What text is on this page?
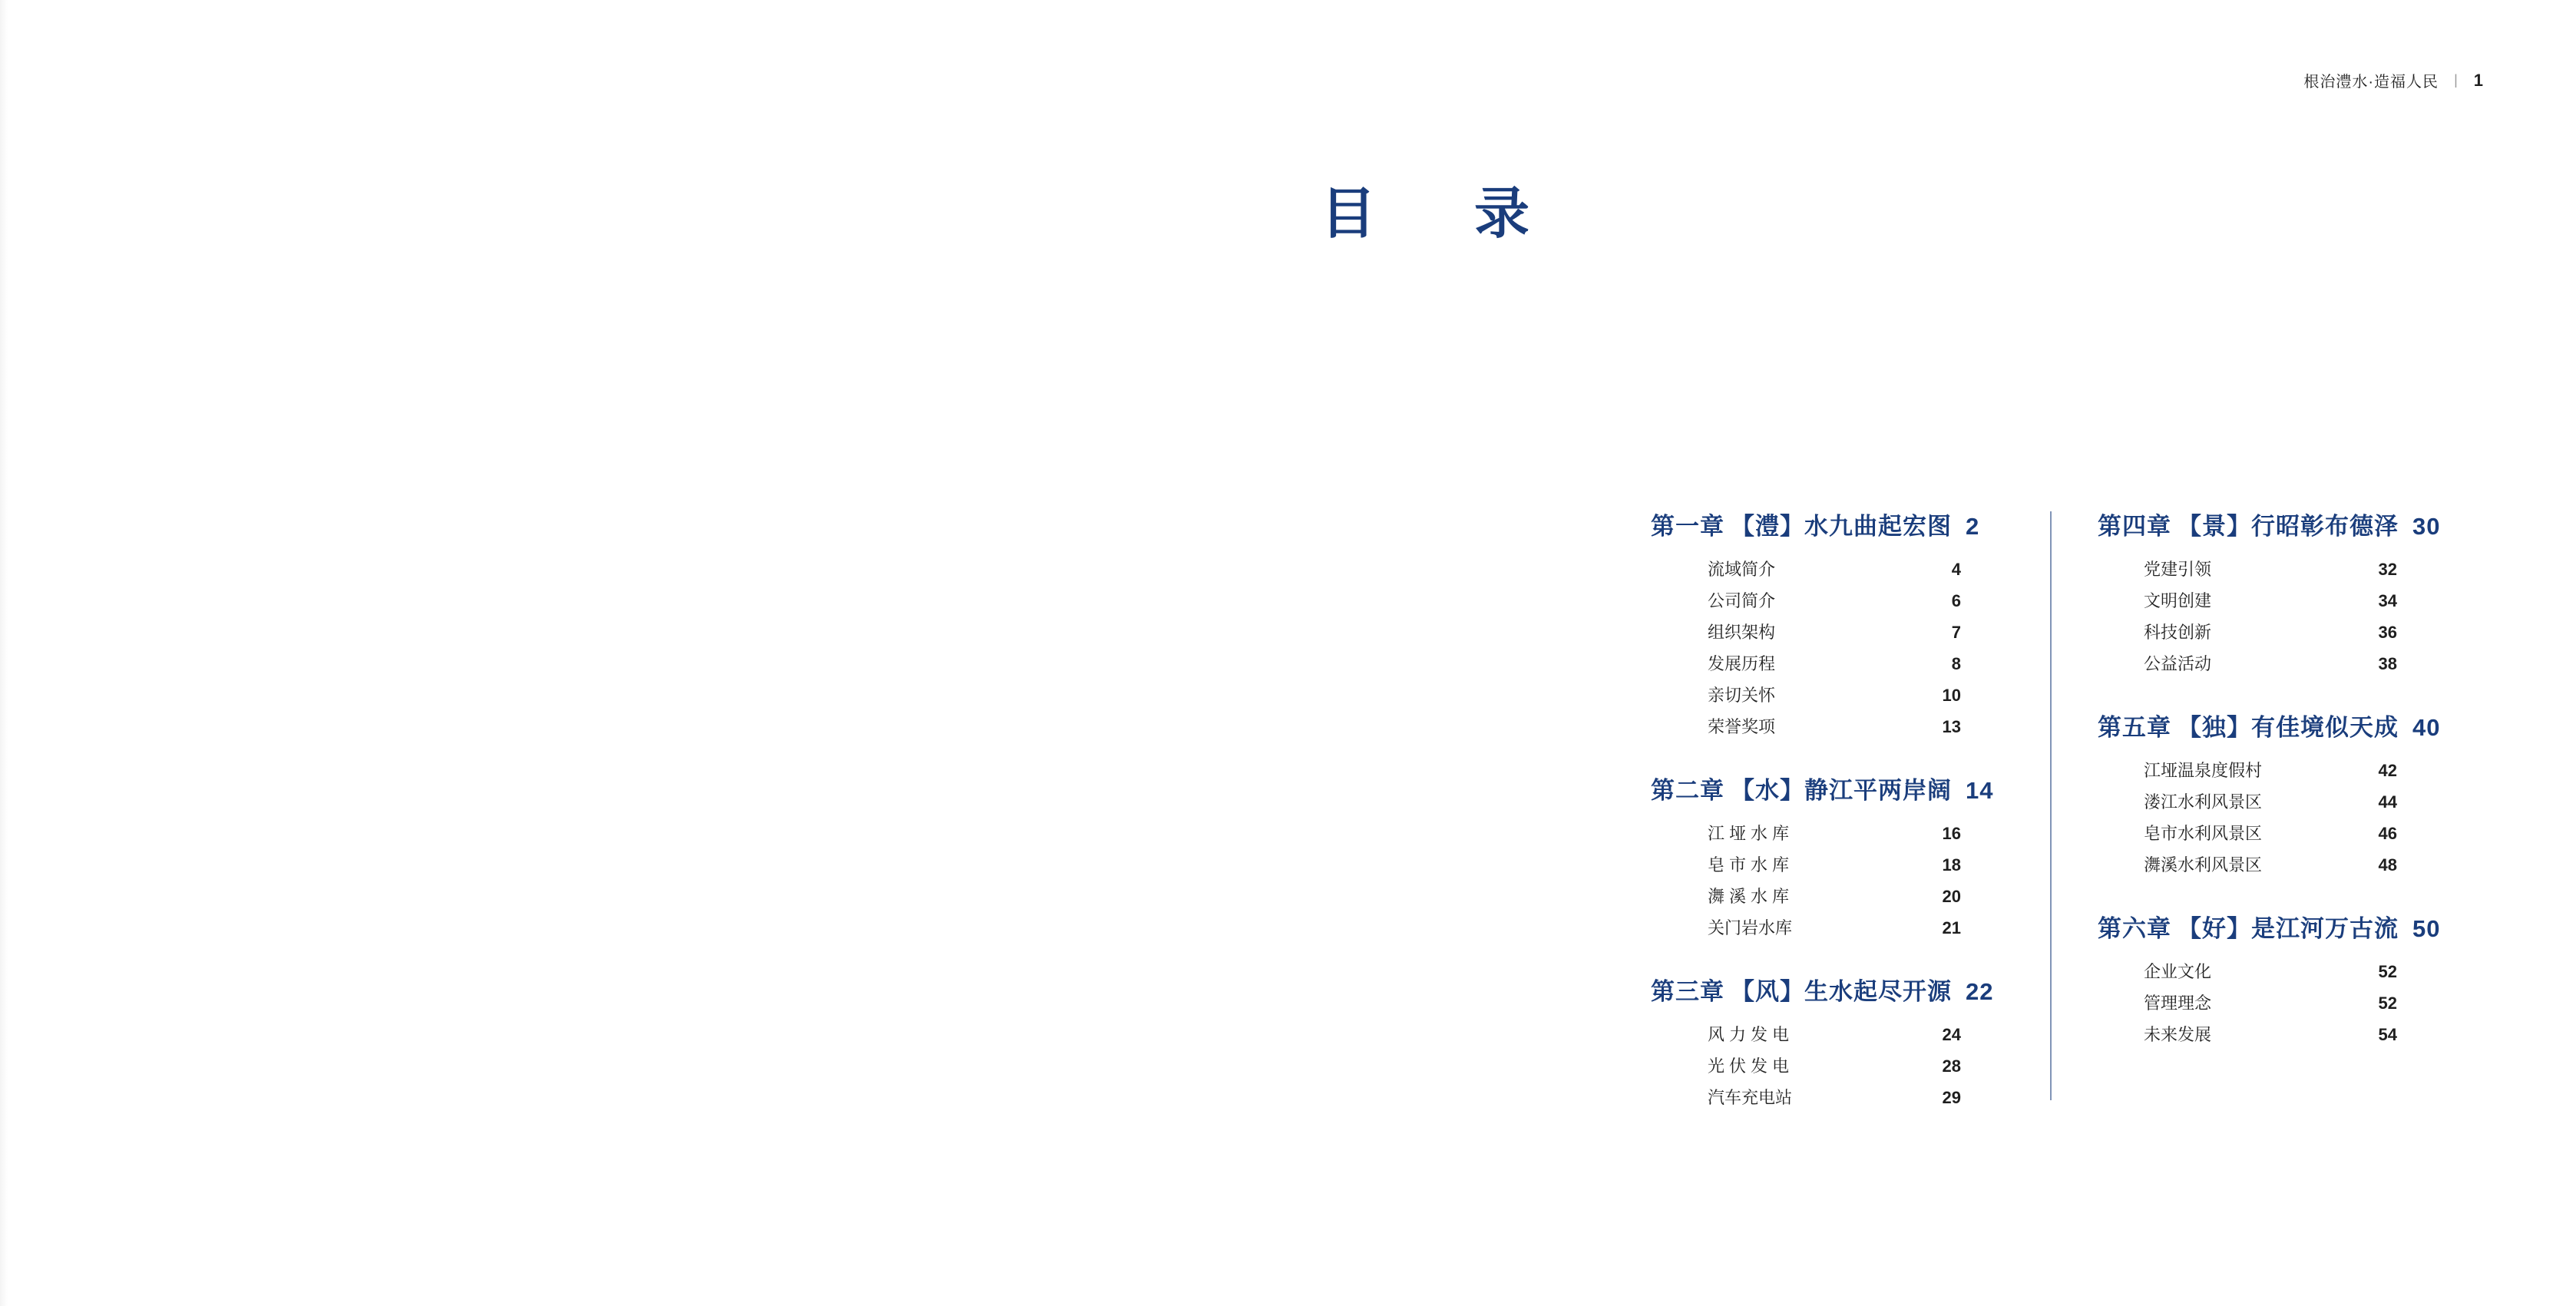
根治澧水·造福人民 | 1
目　录
第一章 【澧】水九曲起宏图 2
流域简介	4
公司简介	6
组织架构	7
发展历程	8
亲切关怀	10
荣誉奖项	13
第二章 【水】静江平两岸阔 14
江垭水库	16
皂市水库	18
㵲溪水库	20
关门岩水库	21
第三章 【风】生水起尽开源 22
风力发电	24
光伏发电	28
汽车充电站	29
第四章 【景】行昭彰布德泽 30
党建引领	32
文明创建	34
科技创新	36
公益活动	38
第五章 【独】有佳境似天成 40
江垭温泉度假村	42
溇江水利风景区	44
皂市水利风景区	46
㵲溪水利风景区	48
第六章 【好】是江河万古流 50
企业文化	52
管理理念	52
未来发展	54
